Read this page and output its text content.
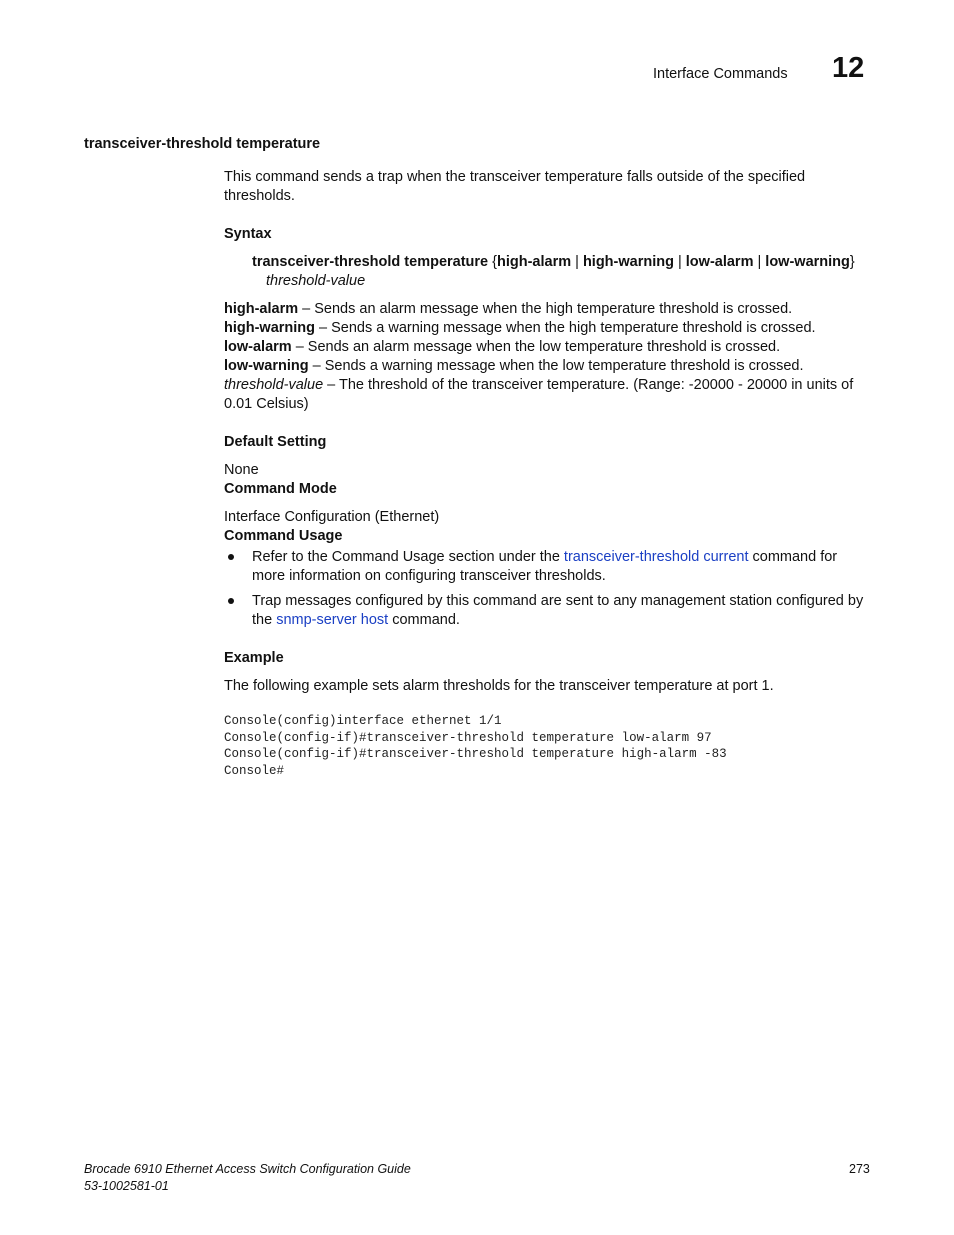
Interface Commands 12
transceiver-threshold temperature

This command sends a trap when the transceiver temperature falls outside of the specified thresholds.

Syntax
transceiver-threshold temperature {high-alarm | high-warning | low-alarm | low-warning}
threshold-value

high-alarm – Sends an alarm message when the high temperature threshold is crossed.

high-warning – Sends a warning message when the high temperature threshold is crossed.

low-alarm – Sends an alarm message when the low temperature threshold is crossed.

low-warning – Sends a warning message when the low temperature threshold is crossed.

threshold-value – The threshold of the transceiver temperature. (Range: -20000 - 20000 in units of 0.01 Celsius)

Default Setting

None

Command Mode

Interface Configuration (Ethernet)

Command Usage
Refer to the Command Usage section under the transceiver-threshold current command for more information on configuring transceiver thresholds.
Trap messages configured by this command are sent to any management station configured by the snmp-server host command.
Example

The following example sets alarm thresholds for the transceiver temperature at port 1.

Console(config)interface ethernet 1/1
Console(config-if)#transceiver-threshold temperature low-alarm 97
Console(config-if)#transceiver-threshold temperature high-alarm -83
Console#
Brocade 6910 Ethernet Access Switch Configuration Guide
53-1002581-01
273
